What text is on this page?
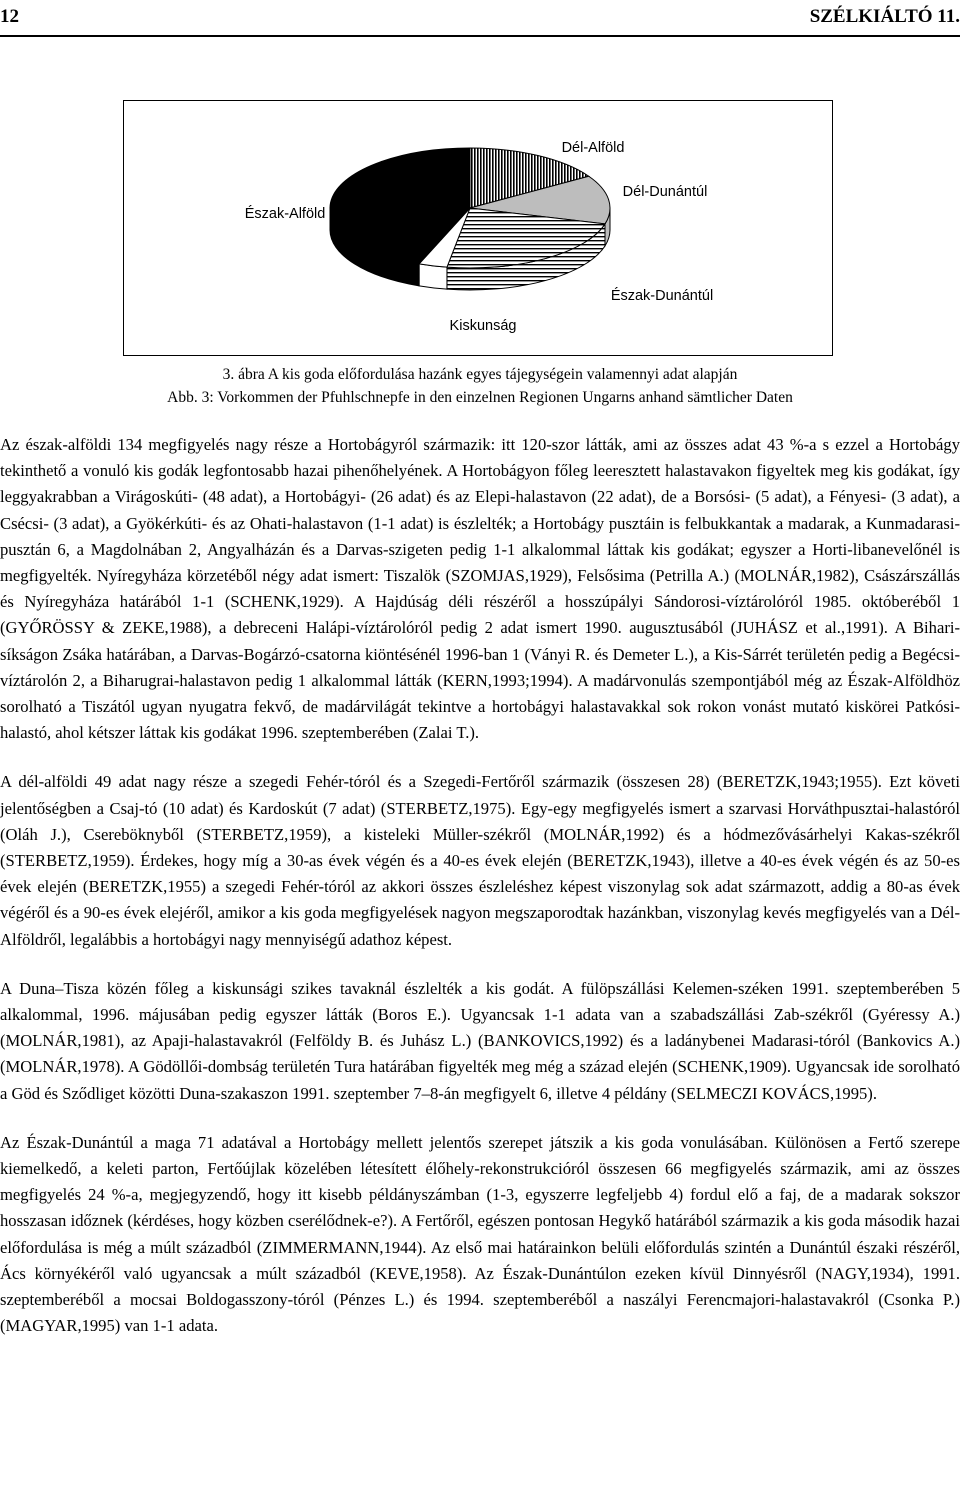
12	SZÉLKIÁLTÓ 11.
Észak-Alföld
Dél-Alföld
Dél-Dunántúl
Észak-Dunántúl
Kiskunság
3. ábra A kis goda előfordulása hazánk egyes tájegységein valamennyi adat alapján
Abb. 3: Vorkommen der Pfuhlschnepfe in den einzelnen Regionen Ungarns anhand sämtlicher Daten

Az észak-alföldi 134 megfigyelés nagy része a Hortobágyról származik: itt 120-szor látták, ami az összes adat 43 %-a s ezzel a Hortobágy tekinthető a vonuló kis godák legfontosabb hazai pihenőhelyének. A Hortobágyon főleg leeresztett halastavakon figyeltek meg kis godákat, így leggyakrabban a Virágoskúti- (48 adat), a Hortobágyi- (26 adat) és az Elepi-halastavon (22 adat), de a Borsósi- (5 adat), a Fényesi- (3 adat), a Csécsi- (3 adat), a Gyökérkúti- és az Ohati-halastavon (1-1 adat) is észlelték; a Hortobágy pusztáin is felbukkantak a madarak, a Kunmadarasi-pusztán 6, a Magdolnában 2, Angyalházán és a Darvas-szigeten pedig 1-1 alkalommal láttak kis godákat; egyszer a Horti-libanevelőnél is megfigyelték. Nyíregyháza körzetéből négy adat ismert: Tiszalök (SZOMJAS,1929), Felsősima (Petrilla A.) (MOLNÁR,1982), Császárszállás és Nyíregyháza határából 1-1 (SCHENK,1929). A Hajdúság déli részéről a hosszúpályi Sándorosi-víztárolóról 1985. októberéből 1 (GYŐRÖSSY & ZEKE,1988), a debreceni Halápi-víztárolóról pedig 2 adat ismert 1990. augusztusából (JUHÁSZ et al.,1991). A Bihari-síkságon Zsáka határában, a Darvas-Bogárzó-csatorna kiöntésénél 1996-ban 1 (Ványi R. és Demeter L.), a Kis-Sárrét területén pedig a Begécsi-víztárolón 2, a Biharugrai-halastavon pedig 1 alkalommal látták (KERN,1993;1994). A madárvonulás szempontjából még az Észak-Alföldhöz sorolható a Tiszától ugyan nyugatra fekvő, de madárvilágát tekintve a hortobágyi halastavakkal sok rokon vonást mutató kiskörei Patkósi-halastó, ahol kétszer láttak kis godákat 1996. szeptemberében (Zalai T.).

A dél-alföldi 49 adat nagy része a szegedi Fehér-tóról és a Szegedi-Fertőről származik (összesen 28) (BERETZK,1943;1955). Ezt követi jelentőségben a Csaj-tó (10 adat) és Kardoskút (7 adat) (STERBETZ,1975). Egy-egy megfigyelés ismert a szarvasi Horváthpusztai-halastóról (Oláh J.), Csereböknyből (STERBETZ,1959), a kisteleki Müller-székről (MOLNÁR,1992) és a hódmezővásárhelyi Kakas-székről (STERBETZ,1959). Érdekes, hogy míg a 30-as évek végén és a 40-es évek elején (BERETZK,1943), illetve a 40-es évek végén és az 50-es évek elején (BERETZK,1955) a szegedi Fehér-tóról az akkori összes észleléshez képest viszonylag sok adat származott, addig a 80-as évek végéről és a 90-es évek elejéről, amikor a kis goda megfigyelések nagyon megszaporodtak hazánkban, viszonylag kevés megfigyelés van a Dél-Alföldről, legalábbis a hortobágyi nagy mennyiségű adathoz képest.

A Duna–Tisza közén főleg a kiskunsági szikes tavaknál észlelték a kis godát. A fülöpszállási Kelemen-széken 1991. szeptemberében 5 alkalommal, 1996. májusában pedig egyszer látták (Boros E.). Ugyancsak 1-1 adata van a szabadszállási Zab-székről (Gyéressy A.) (MOLNÁR,1981), az Apaji-halastavakról (Felföldy B. és Juhász L.) (BANKOVICS,1992) és a ladánybenei Madarasi-tóról (Bankovics A.) (MOLNÁR,1978). A Gödöllői-dombság területén Tura határában figyelték meg még a század elején (SCHENK,1909). Ugyancsak ide sorolható a Göd és Sződliget közötti Duna-szakaszon 1991. szeptember 7–8-án megfigyelt 6, illetve 4 példány (SELMECZI KOVÁCS,1995).

Az Észak-Dunántúl a maga 71 adatával a Hortobágy mellett jelentős szerepet játszik a kis goda vonulásában. Különösen a Fertő szerepe kiemelkedő, a keleti parton, Fertőújlak közelében létesített élőhely-rekonstrukcióról összesen 66 megfigyelés származik, ami az összes megfigyelés 24 %-a, megjegyzendő, hogy itt kisebb példányszámban (1-3, egyszerre legfeljebb 4) fordul elő a faj, de a madarak sokszor hosszasan időznek (kérdéses, hogy közben cserélődnek-e?). A Fertőről, egészen pontosan Hegykő határából származik a kis goda második hazai előfordulása is még a múlt századból (ZIMMERMANN,1944). Az első mai határainkon belüli előfordulás szintén a Dunántúl északi részéről, Ács környékéről való ugyancsak a múlt századból (KEVE,1958). Az Észak-Dunántúlon ezeken kívül Dinnyésről (NAGY,1934), 1991. szeptemberéből a mocsai Boldogasszony-tóról (Pénzes L.) és 1994. szeptemberéből a naszályi Ferencmajori-halastavakról (Csonka P.) (MAGYAR,1995) van 1-1 adata.
